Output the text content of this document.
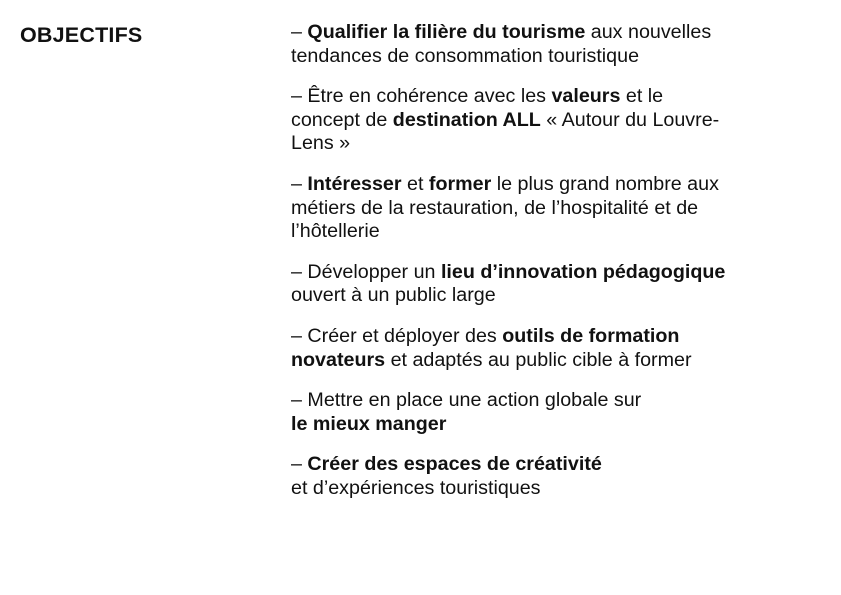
OBJECTIFS	– Qualifier la filière du tourisme aux nouvelles
tendances de consommation touristique
– Être en cohérence avec les valeurs et le
concept de destination ALL « Autour du Louvre-
Lens »
– Intéresser et former le plus grand nombre aux
métiers de la restauration, de l’hospitalité et de
l’hôtellerie
– Développer un lieu d’innovation pédagogique
ouvert à un public large
– Créer et déployer des outils de formation
novateurs et adaptés au public cible à former
– Mettre en place une action globale sur
le mieux manger
– Créer des espaces de créativité
et d’expériences touristiques
